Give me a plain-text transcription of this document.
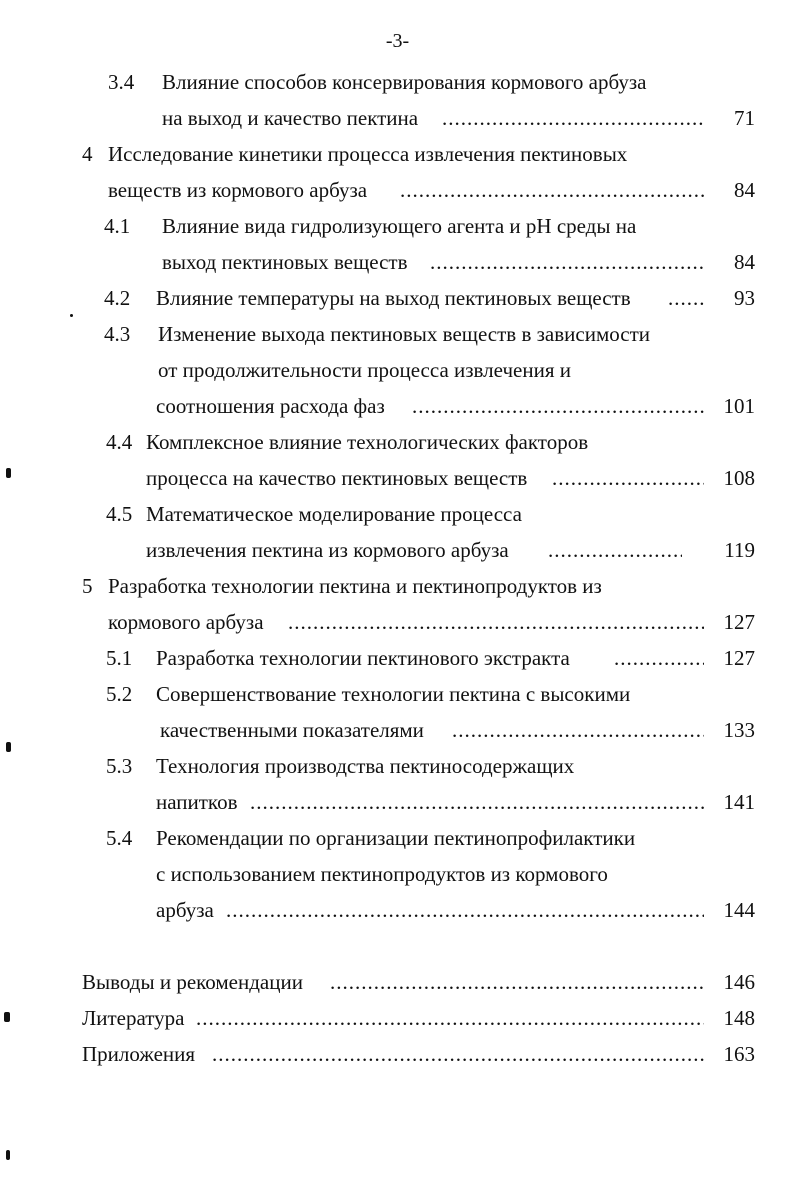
-3-
3.4 Влияние способов консервирования кормового арбуза
на выход и качество пектина .....	71
4 Исследование кинетики процесса извлечения пектиновых
веществ из кормового арбуза .....	84
4.1 Влияние вида гидролизующего агента и pH среды на
выход пектиновых веществ .....	84
4.2 Влияние температуры на выход пектиновых веществ .....	93
4.3 Изменение выхода пектиновых веществ в зависимости
от продолжительности процесса извлечения и
соотношения расхода фаз .....	101
4.4 Комплексное влияние технологических факторов
процесса на качество пектиновых веществ .....	108
4.5 Математическое моделирование процесса
извлечения пектина из кормового арбуза .....	119
5 Разработка технологии пектина и пектинопродуктов из
кормового арбуза .....	127
5.1 Разработка технологии пектинового экстракта .....	127
5.2 Совершенствование технологии пектина с высокими
качественными показателями .....	133
5.3 Технология производства пектиносодержащих
напитков .....	141
5.4 Рекомендации по организации пектинопрофилактики
с использованием пектинопродуктов из кормового
арбуза .....	144
Выводы и рекомендации .....	146
Литература .....	148
Приложения .....	163
